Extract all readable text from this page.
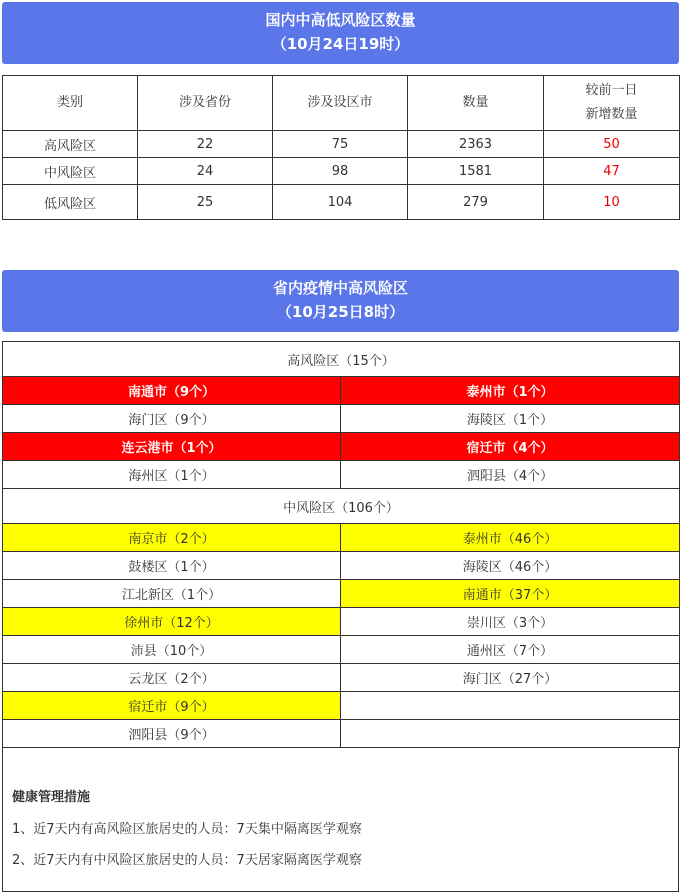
国内中高低风险区数量
（10月24日19时）
类别	涉及省份	涉及设区市	数量	较前一日
新增数量

高风险区	22	75	2363	50
中风险区	24	98	1581	47
低风险区	25	104	279	10
省内疫情中高风险区
（10月25日8时）
高风险区（15个）	
南通市（9个）	泰州市（1个）
海门区（9个）	海陵区（1个）
连云港市（1个）	宿迁市（4个）
海州区（1个）	泗阳县（4个）
中风险区（106个）	
南京市（2个）	泰州市（46个）
鼓楼区（1个）	海陵区（46个）
江北新区（1个）	南通市（37个）
徐州市（12个）	崇川区（3个）
沛县（10个）	通州区（7个）
云龙区（2个）	海门区（27个）
宿迁市（9个）	
泗阳县（9个）	
健康管理措施
1、近7天内有高风险区旅居史的人员：7天集中隔离医学观察
2、近7天内有中风险区旅居史的人员：7天居家隔离医学观察
